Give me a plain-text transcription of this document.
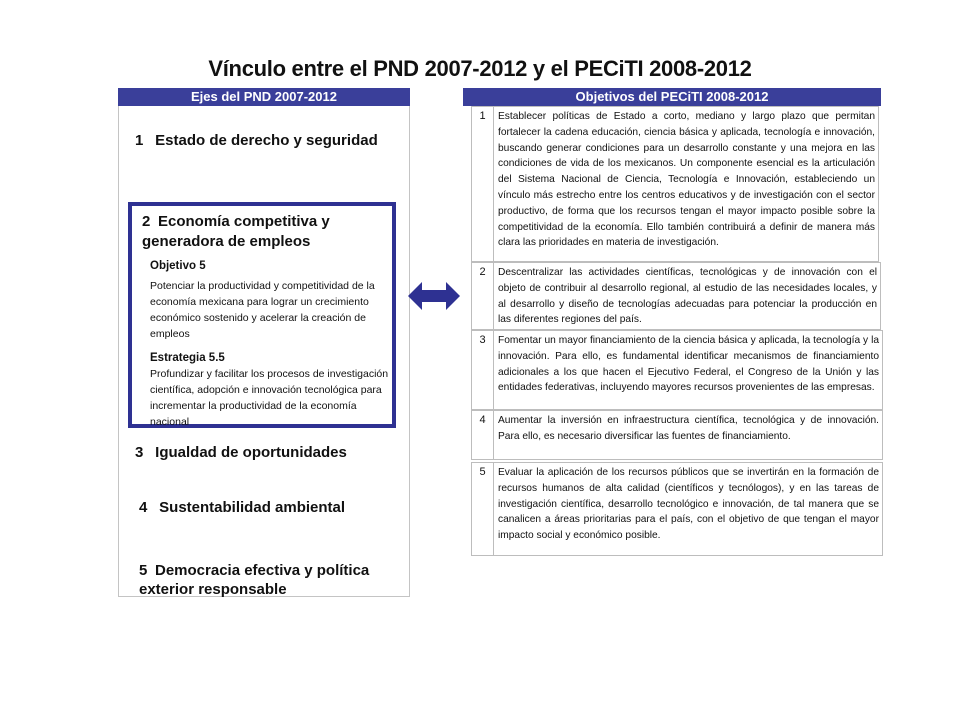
Vínculo entre el PND 2007-2012 y el PECiTI 2008-2012
Ejes del PND 2007-2012
1 Estado de derecho y seguridad
2 Economía competitiva y generadora de empleos
Objetivo 5
Potenciar la productividad y competitividad de la economía mexicana para lograr un crecimiento económico sostenido y acelerar la creación de empleos
Estrategia 5.5
Profundizar y facilitar los procesos de investigación científica, adopción e innovación tecnológica para incrementar la productividad de la economía nacional
3 Igualdad de oportunidades
4 Sustentabilidad ambiental
5 Democracia efectiva y política exterior responsable
Objetivos del PECiTI 2008-2012
1	Establecer políticas de Estado a corto, mediano y largo plazo que permitan fortalecer la cadena educación, ciencia básica y aplicada, tecnología e innovación, buscando generar condiciones para un desarrollo constante y una mejora en las condiciones de vida de los mexicanos. Un componente esencial es la articulación del Sistema Nacional de Ciencia, Tecnología e Innovación, estableciendo un vínculo más estrecho entre los centros educativos y de investigación con el sector productivo, de forma que los recursos tengan el mayor impacto posible sobre la competitividad de la economía. Ello también contribuirá a definir de manera más clara las prioridades en materia de investigación.
2	Descentralizar las actividades científicas, tecnológicas y de innovación con el objeto de contribuir al desarrollo regional, al estudio de las necesidades locales, y al desarrollo y diseño de tecnologías adecuadas para potenciar la producción en las diferentes regiones del país.
3	Fomentar un mayor financiamiento de la ciencia básica y aplicada, la tecnología y la innovación. Para ello, es fundamental identificar mecanismos de financiamiento adicionales a los que hacen el Ejecutivo Federal, el Congreso de la Unión y las entidades federativas, incluyendo mayores recursos provenientes de las empresas.
4	Aumentar la inversión en infraestructura científica, tecnológica y de innovación. Para ello, es necesario diversificar las fuentes de financiamiento.
5	Evaluar la aplicación de los recursos públicos que se invertirán en la formación de recursos humanos de alta calidad (científicos y tecnólogos), y en las tareas de investigación científica, desarrollo tecnológico e innovación, de tal manera que se canalicen a áreas prioritarias para el país, con el objetivo de que tengan el mayor impacto social y económico posible.
